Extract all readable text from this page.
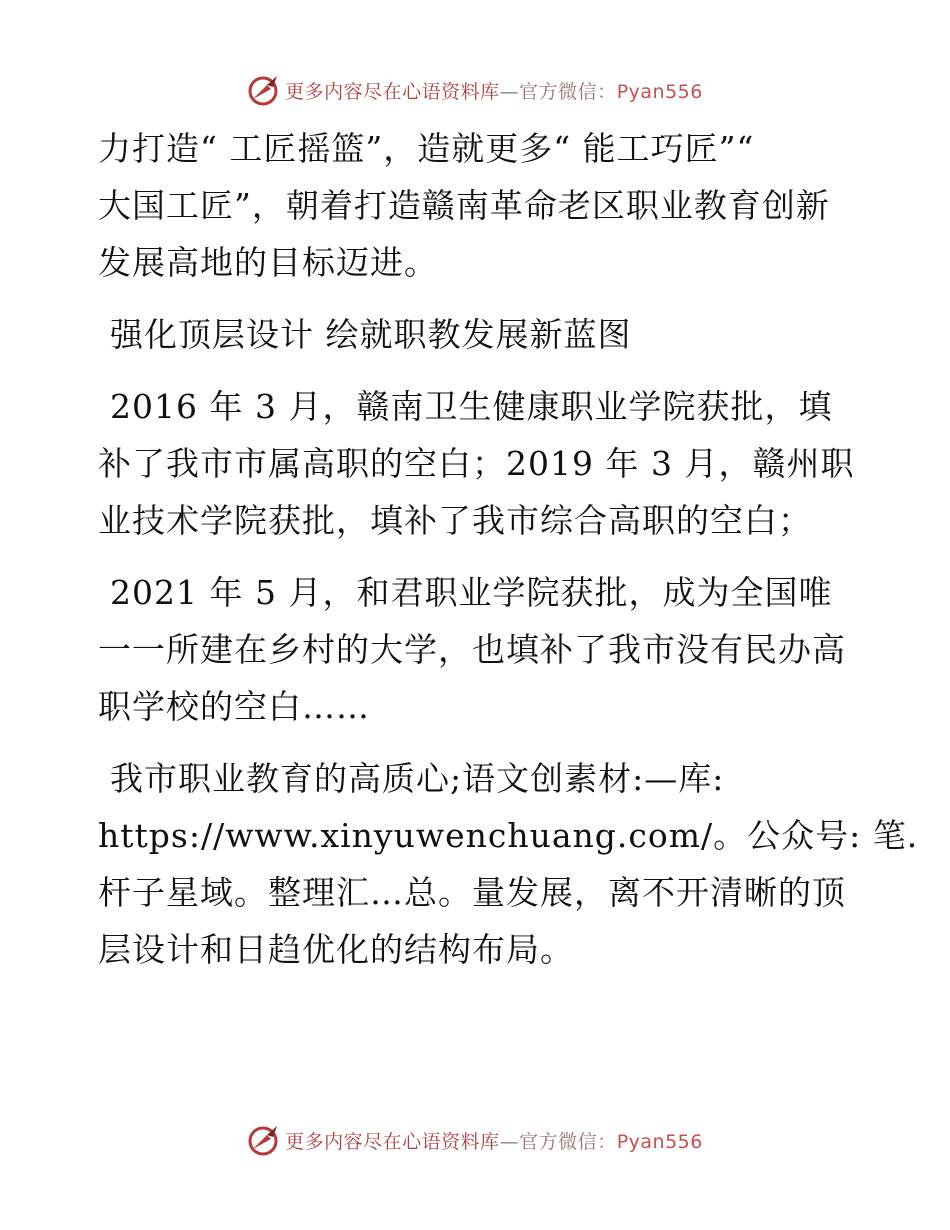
更多内容尽在心语资料库—官方微信：Pyan556

力打造“ 工匠摇篮”，造就更多“ 能工巧匠”“
大国工匠”，朝着打造赣南革命老区职业教育创新
发展高地的目标迈进。

强化顶层设计 绘就职教发展新蓝图

2016 年 3 月，赣南卫生健康职业学院获批，填
补了我市市属高职的空白；2019 年 3 月，赣州职
业技术学院获批，填补了我市综合高职的空白；

2021 年 5 月，和君职业学院获批，成为全国唯
一一所建在乡村的大学，也填补了我市没有民办高
职学校的空白……

我市职业教育的高质心;语文创素材:—库:
https://www.xinyuwenchuang.com/。公众号: 笔.
杆子星域。整理汇…总。量发展，离不开清晰的顶
层设计和日趋优化的结构布局。

更多内容尽在心语资料库—官方微信：Pyan556
